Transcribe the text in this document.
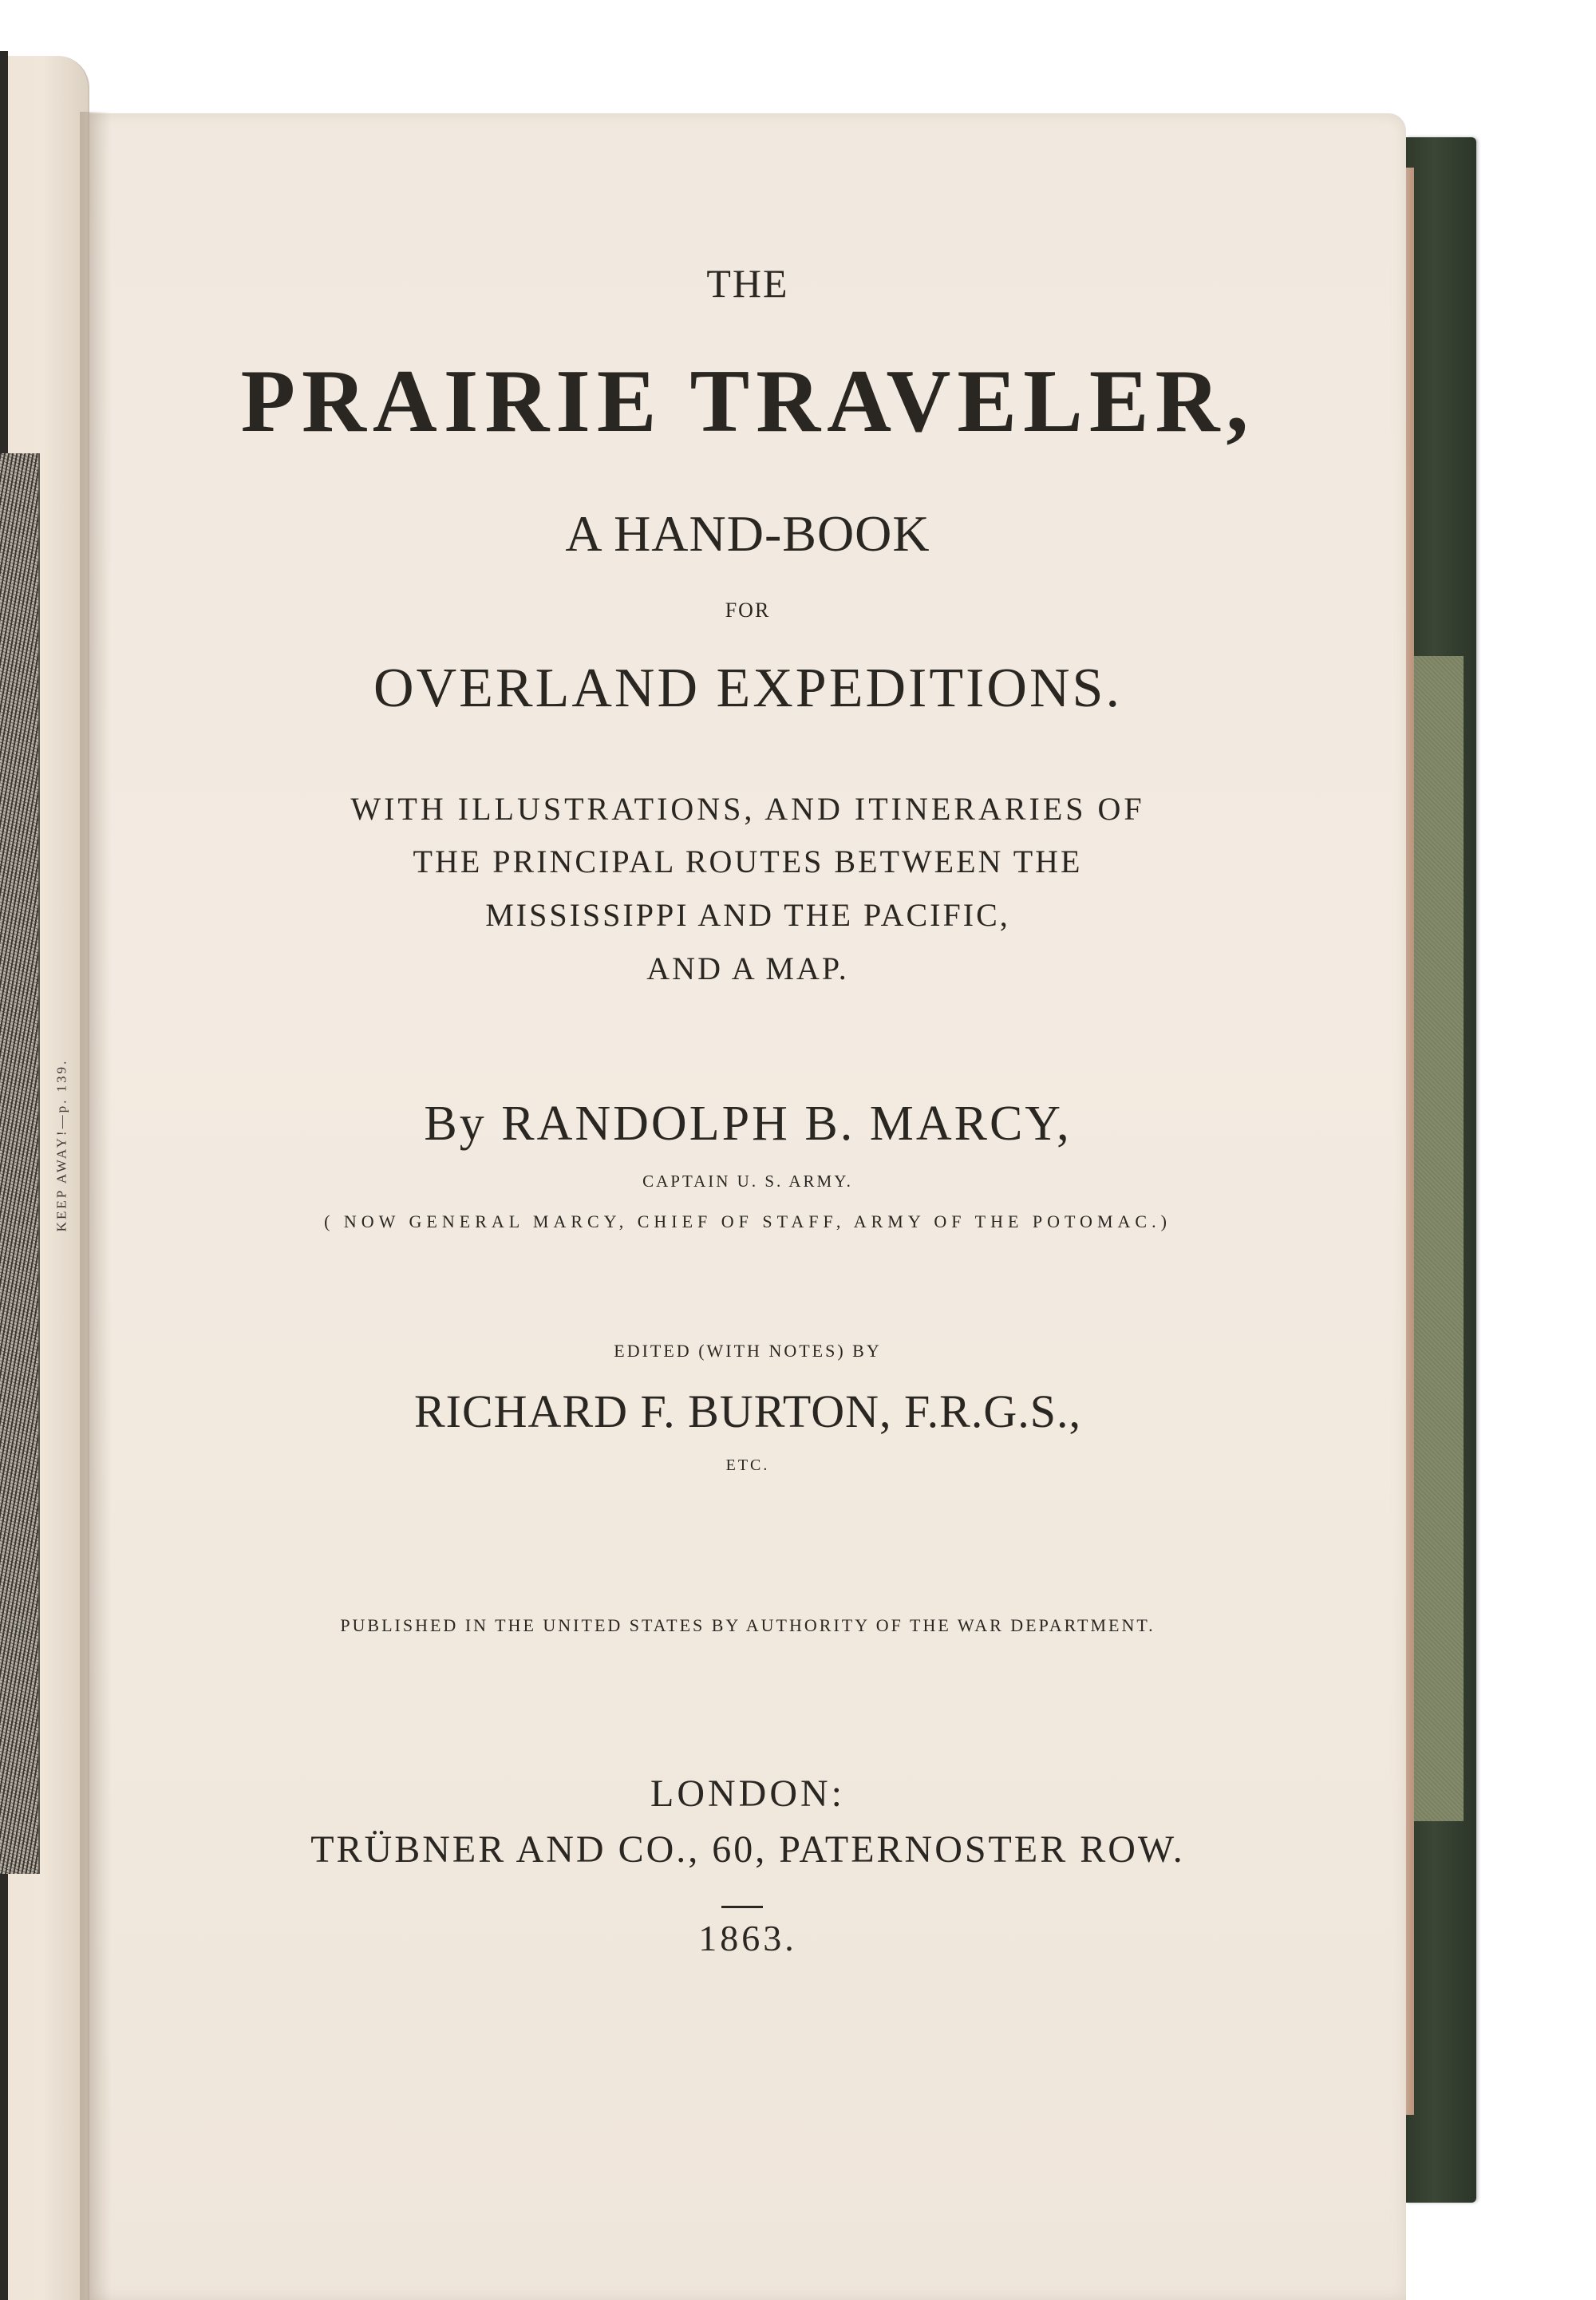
KEEP AWAY!—p. 139.
THE
PRAIRIE TRAVELER,
A HAND-BOOK
FOR
OVERLAND EXPEDITIONS.
WITH ILLUSTRATIONS, AND ITINERARIES OF
THE PRINCIPAL ROUTES BETWEEN THE
MISSISSIPPI AND THE PACIFIC,
AND A MAP.
By RANDOLPH B. MARCY,
CAPTAIN U. S. ARMY.
( NOW GENERAL MARCY, CHIEF OF STAFF, ARMY OF THE POTOMAC.)
EDITED (WITH NOTES) BY
RICHARD F. BURTON, F.R.G.S.,
ETC.
PUBLISHED IN THE UNITED STATES BY AUTHORITY OF THE WAR DEPARTMENT.
LONDON:
TRÜBNER AND CO., 60, PATERNOSTER ROW.
1863.
